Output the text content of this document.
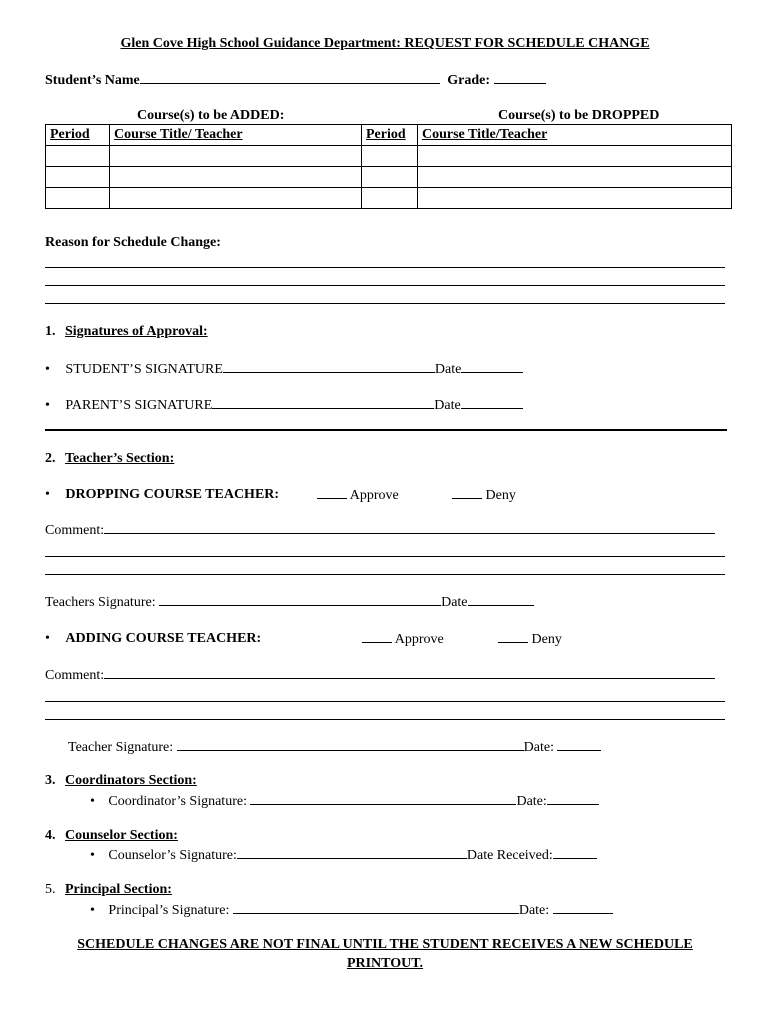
Glen Cove High School Guidance Department: REQUEST FOR SCHEDULE CHANGE
Student’s Name	Grade:
Course(s) to be ADDED:	Course(s) to be DROPPED
Period	Course Title/ Teacher	Period	Course Title/Teacher

Reason for Schedule Change:
1. Signatures of Approval:
• STUDENT’S SIGNATURE	Date
• PARENT’S SIGNATURE	Date
2. Teacher’s Section:
• DROPPING COURSE TEACHER:	Approve	Deny
Comment:
Teachers Signature:	Date
• ADDING COURSE TEACHER:	Approve	Deny
Comment:
Teacher Signature:	Date:
3. Coordinators Section:
• Coordinator’s Signature:	Date:
4. Counselor Section:
• Counselor’s Signature:	Date Received:
5. Principal Section:
• Principal’s Signature:	Date:
SCHEDULE CHANGES ARE NOT FINAL UNTIL THE STUDENT RECEIVES A NEW SCHEDULE
PRINTOUT.
